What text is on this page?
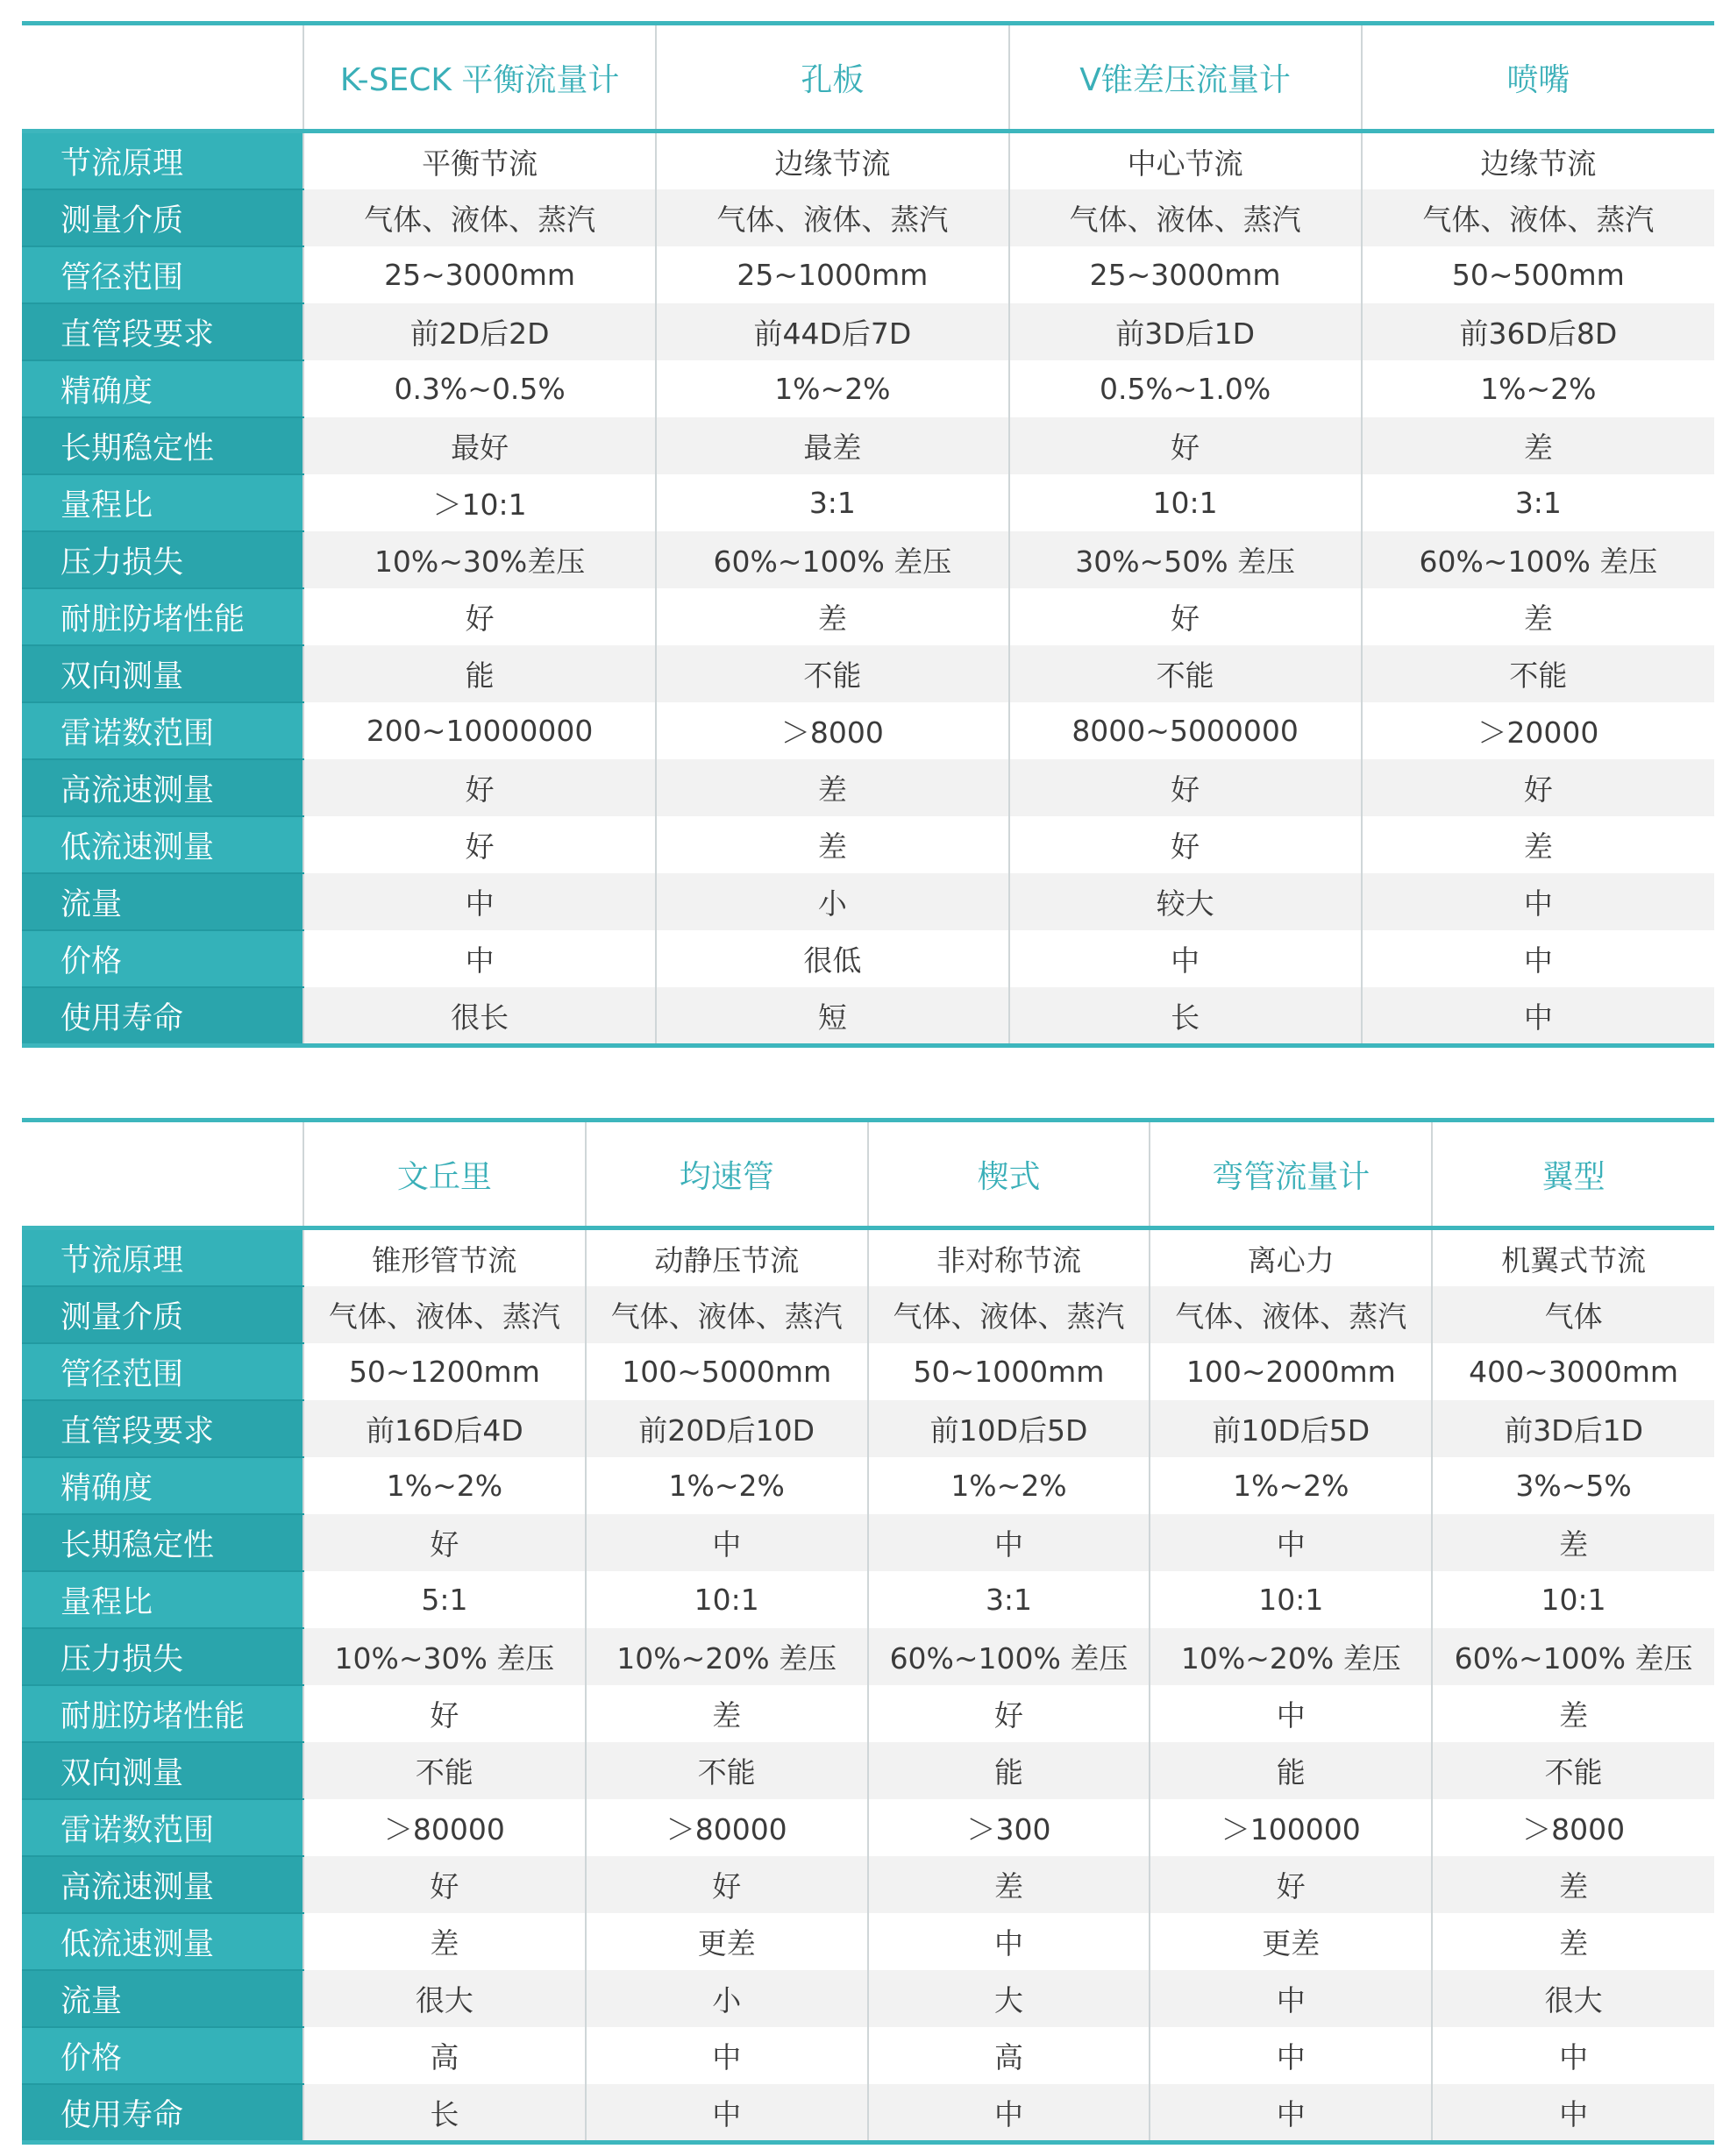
	K-SECK 平衡流量计	孔板	V锥差压流量计	喷嘴
节流原理	平衡节流	边缘节流	中心节流	边缘节流
测量介质	气体、液体、蒸汽	气体、液体、蒸汽	气体、液体、蒸汽	气体、液体、蒸汽
管径范围	25~3000mm	25~1000mm	25~3000mm	50~500mm
直管段要求	前2D后2D	前44D后7D	前3D后1D	前36D后8D
精确度	0.3%~0.5%	1%~2%	0.5%~1.0%	1%~2%
长期稳定性	最好	最差	好	差
量程比	＞10:1	3:1	10:1	3:1
压力损失	10%~30%差压	60%~100% 差压	30%~50% 差压	60%~100% 差压
耐脏防堵性能	好	差	好	差
双向测量	能	不能	不能	不能
雷诺数范围	200~10000000	＞8000	8000~5000000	＞20000
高流速测量	好	差	好	好
低流速测量	好	差	好	差
流量	中	小	较大	中
价格	中	很低	中	中
使用寿命	很长	短	长	中
	文丘里	均速管	楔式	弯管流量计	翼型
节流原理	锥形管节流	动静压节流	非对称节流	离心力	机翼式节流
测量介质	气体、液体、蒸汽	气体、液体、蒸汽	气体、液体、蒸汽	气体、液体、蒸汽	气体
管径范围	50~1200mm	100~5000mm	50~1000mm	100~2000mm	400~3000mm
直管段要求	前16D后4D	前20D后10D	前10D后5D	前10D后5D	前3D后1D
精确度	1%~2%	1%~2%	1%~2%	1%~2%	3%~5%
长期稳定性	好	中	中	中	差
量程比	5:1	10:1	3:1	10:1	10:1
压力损失	10%~30% 差压	10%~20% 差压	60%~100% 差压	10%~20% 差压	60%~100% 差压
耐脏防堵性能	好	差	好	中	差
双向测量	不能	不能	能	能	不能
雷诺数范围	＞80000	＞80000	＞300	＞100000	＞8000
高流速测量	好	好	差	好	差
低流速测量	差	更差	中	更差	差
流量	很大	小	大	中	很大
价格	高	中	高	中	中
使用寿命	长	中	中	中	中
